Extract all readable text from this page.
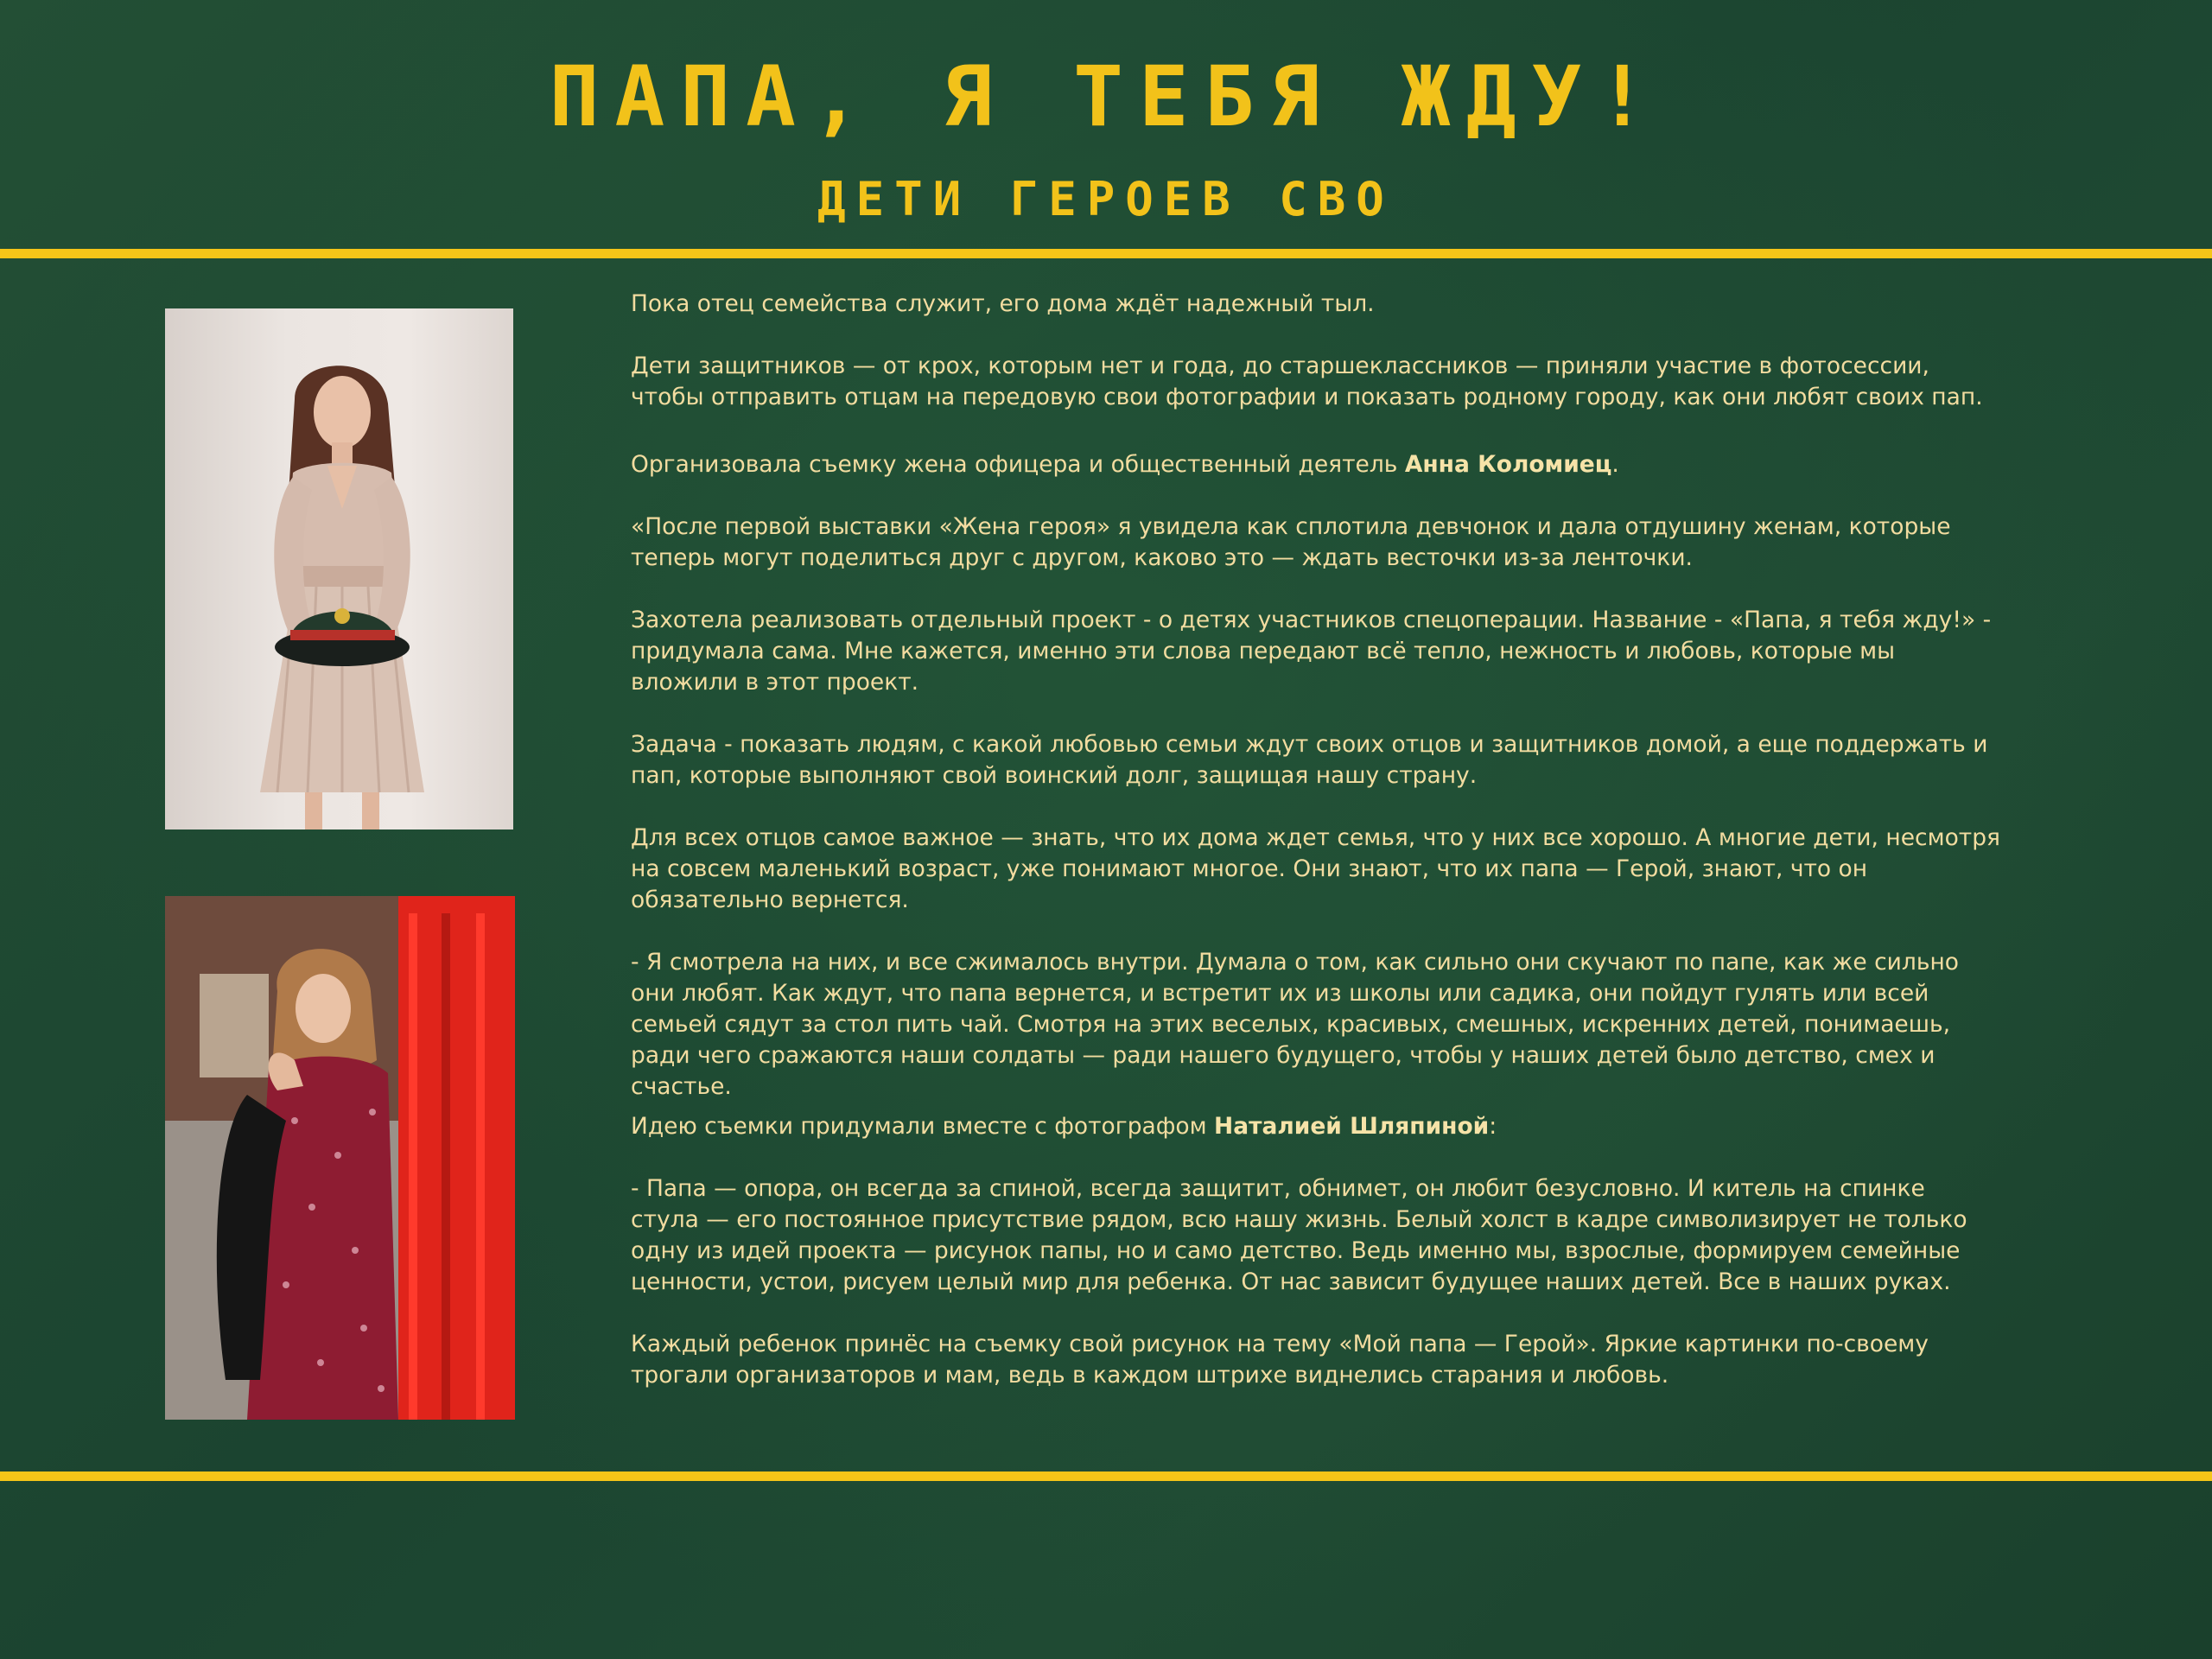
ПАПА, Я ТЕБЯ ЖДУ!
ДЕТИ ГЕРОЕВ СВО

Пока отец семейства служит, его дома ждёт надежный тыл.

Дети защитников — от крох, которым нет и года, до старшеклассников — приняли участие в фотосессии,
чтобы отправить отцам на передовую свои фотографии и показать родному городу, как они любят своих пап.

Организовала съемку жена офицера и общественный деятель Анна Коломиец.

«После первой выставки «Жена героя» я увидела как сплотила девчонок и дала отдушину женам, которые
теперь могут поделиться друг с другом, каково это — ждать весточки из-за ленточки.

Захотела реализовать отдельный проект - о детях участников спецоперации. Название - «Папа, я тебя жду!» -
придумала сама. Мне кажется, именно эти слова передают всё тепло, нежность и любовь, которые мы
вложили в этот проект.

Задача - показать людям, с какой любовью семьи ждут своих отцов и защитников домой, а еще поддержать и
пап, которые выполняют свой воинский долг, защищая нашу страну.

Для всех отцов самое важное — знать, что их дома ждет семья, что у них все хорошо. А многие дети, несмотря
на совсем маленький возраст, уже понимают многое. Они знают, что их папа — Герой, знают, что он
обязательно вернется.

- Я смотрела на них, и все сжималось внутри. Думала о том, как сильно они скучают по папе, как же сильно
они любят. Как ждут, что папа вернется, и встретит их из школы или садика, они пойдут гулять или всей
семьей сядут за стол пить чай. Смотря на этих веселых, красивых, смешных, искренних детей, понимаешь,
ради чего сражаются наши солдаты — ради нашего будущего, чтобы у наших детей было детство, смех и
счастье.

Идею съемки придумали вместе с фотографом Наталией Шляпиной:

- Папа — опора, он всегда за спиной, всегда защитит, обнимет, он любит безусловно. И китель на спинке
стула — его постоянное присутствие рядом, всю нашу жизнь. Белый холст в кадре символизирует не только
одну из идей проекта — рисунок папы, но и само детство. Ведь именно мы, взрослые, формируем семейные
ценности, устои, рисуем целый мир для ребенка. От нас зависит будущее наших детей. Все в наших руках.

Каждый ребенок принёс на съемку свой рисунок на тему «Мой папа — Герой». Яркие картинки по-своему
трогали организаторов и мам, ведь в каждом штрихе виднелись старания и любовь.
